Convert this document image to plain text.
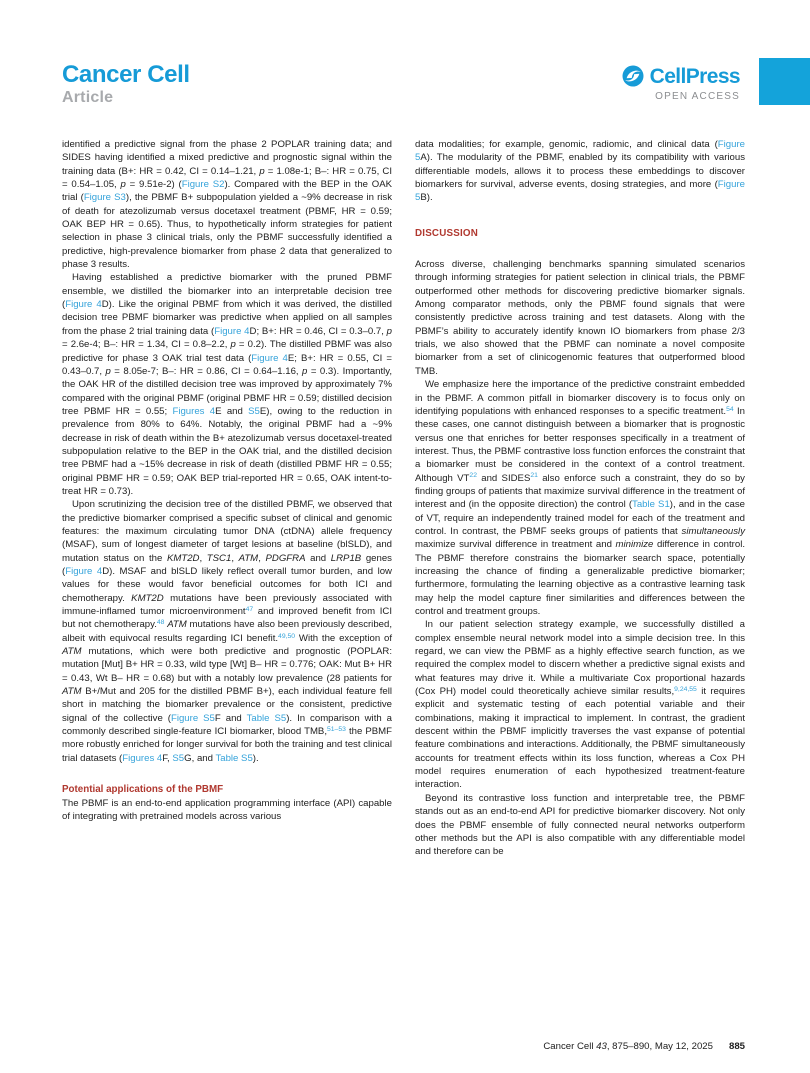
Cancer Cell
Article
CellPress
OPEN ACCESS

identified a predictive signal from the phase 2 POPLAR training data; and SIDES having identified a mixed predictive and prognostic signal within the training data (B+: HR = 0.42, CI = 0.14–1.21, p = 1.08e-1; B–: HR = 0.75, CI = 0.54–1.05, p = 9.51e-2) (Figure S2). Compared with the BEP in the OAK trial (Figure S3), the PBMF B+ subpopulation yielded a ~9% decrease in risk of death for atezolizumab versus docetaxel treatment (PBMF, HR = 0.59; OAK BEP HR = 0.65). Thus, to hypothetically inform strategies for patient selection in phase 3 clinical trials, only the PBMF successfully identified a predictive, high-prevalence biomarker from phase 2 data that generalized to phase 3 results.

Having established a predictive biomarker with the pruned PBMF ensemble, we distilled the biomarker into an interpretable decision tree (Figure 4D). Like the original PBMF from which it was derived, the distilled decision tree PBMF biomarker was predictive when applied on all samples from the phase 2 trial training data (Figure 4D; B+: HR = 0.46, CI = 0.3–0.7, p = 2.6e-4; B–: HR = 1.34, CI = 0.8–2.2, p = 0.2). The distilled PBMF was also predictive for phase 3 OAK trial test data (Figure 4E; B+: HR = 0.55, CI = 0.43–0.7, p = 8.05e-7; B–: HR = 0.86, CI = 0.64–1.16, p = 0.3). Importantly, the OAK HR of the distilled decision tree was improved by approximately 7% compared with the original PBMF (original PBMF HR = 0.59; distilled decision tree PBMF HR = 0.55; Figures 4E and S5E), owing to the reduction in prevalence from 80% to 64%. Notably, the original PBMF had a ~9% decrease in risk of death within the B+ atezolizumab versus docetaxel-treated subpopulation relative to the BEP in the OAK trial, and the distilled decision tree PBMF had a ~15% decrease in risk of death (distilled PBMF HR = 0.55; original PBMF HR = 0.59; OAK BEP trial-reported HR = 0.65, OAK intent-to-treat HR = 0.73).

Upon scrutinizing the decision tree of the distilled PBMF, we observed that the predictive biomarker comprised a specific subset of clinical and genomic features: the maximum circulating tumor DNA (ctDNA) allele frequency (MSAF), sum of longest diameter of target lesions at baseline (blSLD), and mutation status on the KMT2D, TSC1, ATM, PDGFRA and LRP1B genes (Figure 4D). MSAF and blSLD likely reflect overall tumor burden, and low values for these would favor beneficial outcomes for both ICI and chemotherapy. KMT2D mutations have been previously associated with immune-inflamed tumor microenvironment$^{47}$ and improved benefit from ICI but not chemotherapy.$^{48}$ ATM mutations have also been previously described, albeit with equivocal results regarding ICI benefit.$^{49,50}$ With the exception of ATM mutations, which were both predictive and prognostic (POPLAR: mutation [Mut] B+ HR = 0.33, wild type [Wt] B– HR = 0.776; OAK: Mut B+ HR = 0.43, Wt B– HR = 0.68) but with a notably low prevalence (28 patients for ATM B+/Mut and 205 for the distilled PBMF B+), each individual feature fell short in matching the biomarker prevalence or the consistent, predictive signal of the collective (Figure S5F and Table S5). In comparison with a commonly described single-feature ICI biomarker, blood TMB,$^{51-53}$ the PBMF more robustly enriched for longer survival for both the training and test clinical trial datasets (Figures 4F, S5G, and Table S5).

Potential applications of the PBMF

The PBMF is an end-to-end application programming interface (API) capable of integrating with pretrained models across various

data modalities; for example, genomic, radiomic, and clinical data (Figure 5A). The modularity of the PBMF, enabled by its compatibility with various differentiable models, allows it to process these embeddings to discover biomarkers for survival, adverse events, dosing strategies, and more (Figure 5B).

DISCUSSION

Across diverse, challenging benchmarks spanning simulated scenarios through informing strategies for patient selection in clinical trials, the PBMF outperformed other methods for discovering predictive biomarker signals. Among comparator methods, only the PBMF found signals that were consistently predictive across training and test datasets. Along with the PBMF’s ability to accurately identify known IO biomarkers from phase 2/3 trials, we also showed that the PBMF can nominate a novel composite biomarker from a set of clinicogenomic features that outperformed blood TMB.

We emphasize here the importance of the predictive constraint embedded in the PBMF. A common pitfall in biomarker discovery is to focus only on identifying populations with enhanced responses to a specific treatment.$^{54}$ In these cases, one cannot distinguish between a biomarker that is prognostic versus one that enriches for better responses specifically in a treatment of interest. Thus, the PBMF contrastive loss function enforces the constraint that a biomarker must be considered in the context of a control treatment. Although VT$^{22}$ and SIDES$^{21}$ also enforce such a constraint, they do so by finding groups of patients that maximize survival difference in the treatment of interest and (in the opposite direction) the control (Table S1), and in the case of VT, require an independently trained model for each of the treatment and control. In contrast, the PBMF seeks groups of patients that simultaneously maximize survival difference in treatment and minimize difference in control. The PBMF therefore constrains the biomarker search space, potentially increasing the chance of finding a generalizable predictive biomarker; furthermore, formulating the learning objective as a contrastive learning task may help the model capture finer similarities and differences between the control and treatment groups.

In our patient selection strategy example, we successfully distilled a complex ensemble neural network model into a simple decision tree. In this regard, we can view the PBMF as a highly effective search function, as we required the complex model to discern whether a predictive signal exists and what features may drive it. While a multivariate Cox proportional hazards (Cox PH) model could theoretically achieve similar results,$^{9,24,55}$ it requires explicit and systematic testing of each potential variable and their combinations, making it impractical to implement. In contrast, the gradient descent within the PBMF implicitly traverses the vast expanse of potential feature combinations and interactions. Additionally, the PBMF simultaneously accounts for treatment effects within its loss function, whereas a Cox PH model requires enumeration of each hypothesized treatment-feature interaction.

Beyond its contrastive loss function and interpretable tree, the PBMF stands out as an end-to-end API for predictive biomarker discovery. Not only does the PBMF ensemble of fully connected neural networks outperform other methods but the API is also compatible with any differentiable model and therefore can be

Cancer Cell 43, 875–890, May 12, 2025 885
